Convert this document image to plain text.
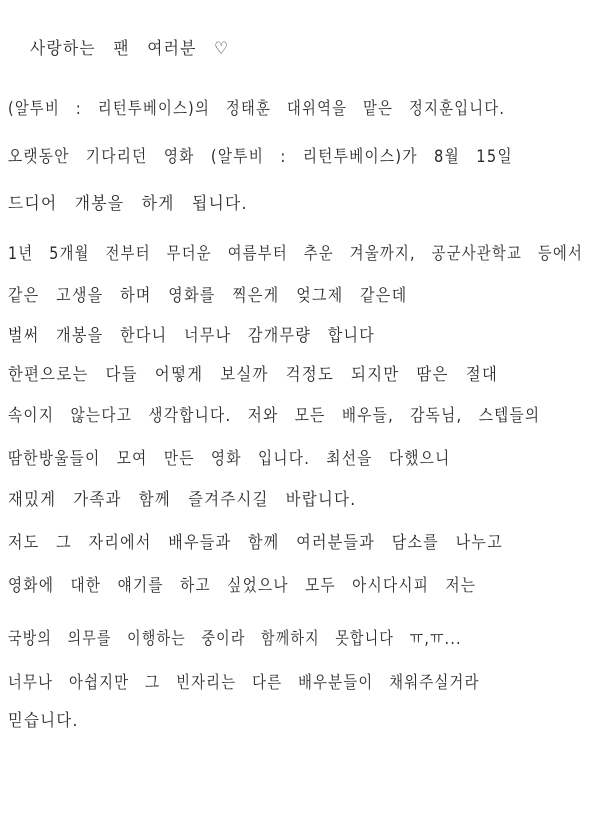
사랑하는 팬 여러분 ♡

(알투비 : 리턴투베이스)의 정태훈 대위역을 맡은 정지훈입니다.

오랫동안 기다리던 영화 (알투비 : 리턴투베이스)가 8월 15일

드디어 개봉을 하게 됩니다.

1년 5개월 전부터 무더운 여름부터 추운 겨울까지, 공군사관학교 등에서

같은 고생을 하며 영화를 찍은게 엊그제 같은데

벌써 개봉을 한다니 너무나 감개무량 합니다

한편으로는 다들 어떻게 보실까 걱정도 되지만 땀은 절대

속이지 않는다고 생각합니다. 저와 모든 배우들, 감독님, 스텝들의

땀한방울들이 모여 만든 영화 입니다. 최선을 다했으니

재밌게 가족과 함께 즐겨주시길 바랍니다.

저도 그 자리에서 배우들과 함께 여러분들과 담소를 나누고

영화에 대한 얘기를 하고 싶었으나 모두 아시다시피 저는

국방의 의무를 이행하는 중이라 함께하지 못합니다 ㅠ,ㅠ...

너무나 아쉽지만 그 빈자리는 다른 배우분들이 채워주실거라

믿습니다.
